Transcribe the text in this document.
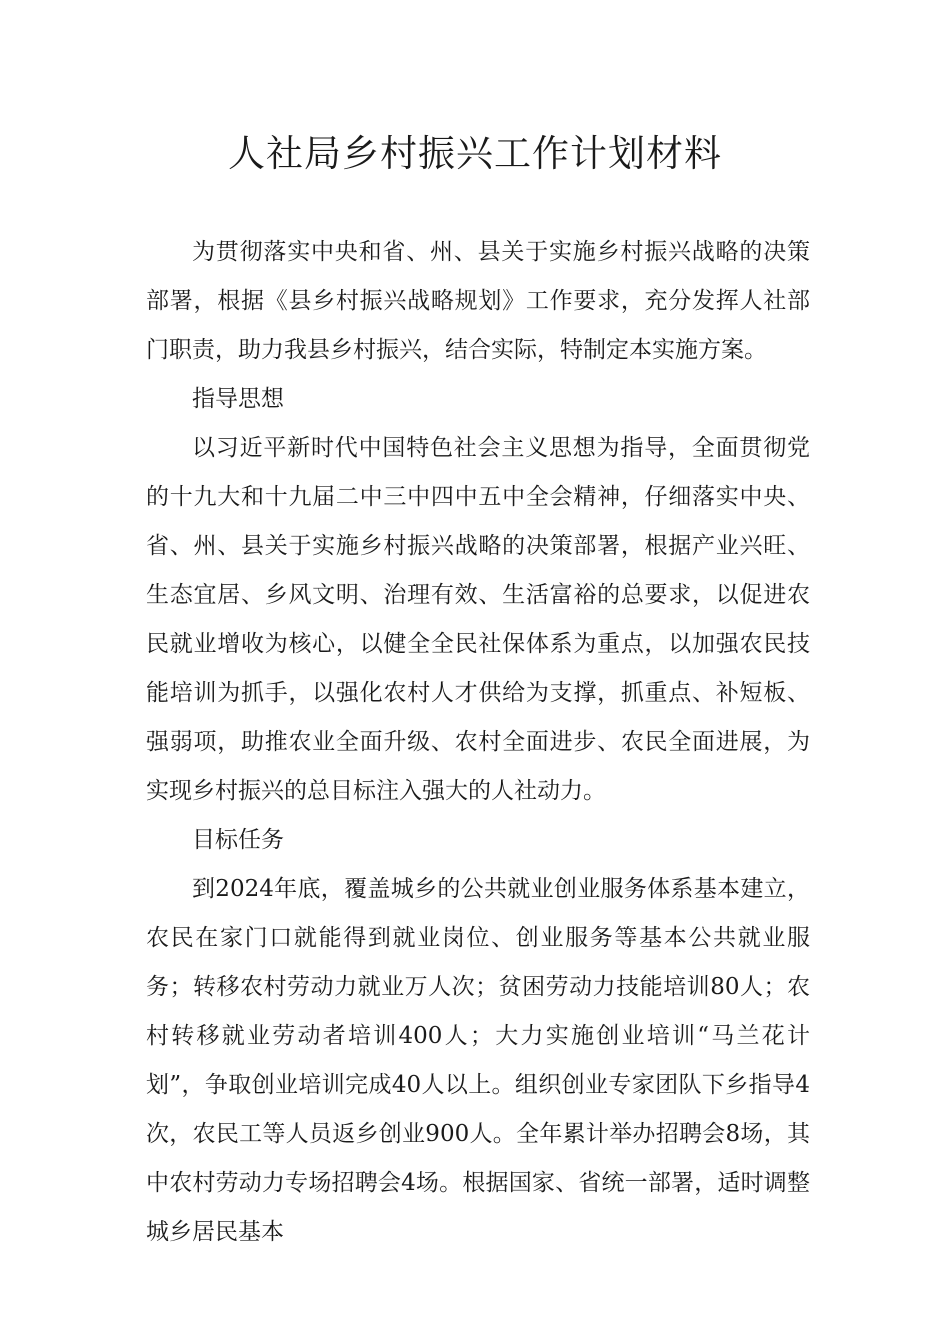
人社局乡村振兴工作计划材料

为贯彻落实中央和省、州、县关于实施乡村振兴战略的决策部署，根据《县乡村振兴战略规划》工作要求，充分发挥人社部门职责，助力我县乡村振兴，结合实际，特制定本实施方案。

指导思想

以习近平新时代中国特色社会主义思想为指导，全面贯彻党的十九大和十九届二中三中四中五中全会精神，仔细落实中央、省、州、县关于实施乡村振兴战略的决策部署，根据产业兴旺、生态宜居、乡风文明、治理有效、生活富裕的总要求，以促进农民就业增收为核心，以健全全民社保体系为重点，以加强农民技能培训为抓手，以强化农村人才供给为支撑，抓重点、补短板、强弱项，助推农业全面升级、农村全面进步、农民全面进展，为实现乡村振兴的总目标注入强大的人社动力。

目标任务

到2024年底，覆盖城乡的公共就业创业服务体系基本建立，农民在家门口就能得到就业岗位、创业服务等基本公共就业服务；转移农村劳动力就业万人次；贫困劳动力技能培训80人；农村转移就业劳动者培训400人；大力实施创业培训“马兰花计划”，争取创业培训完成40人以上。组织创业专家团队下乡指导4次，农民工等人员返乡创业900人。全年累计举办招聘会8场，其中农村劳动力专场招聘会4场。根据国家、省统一部署，适时调整城乡居民基本
